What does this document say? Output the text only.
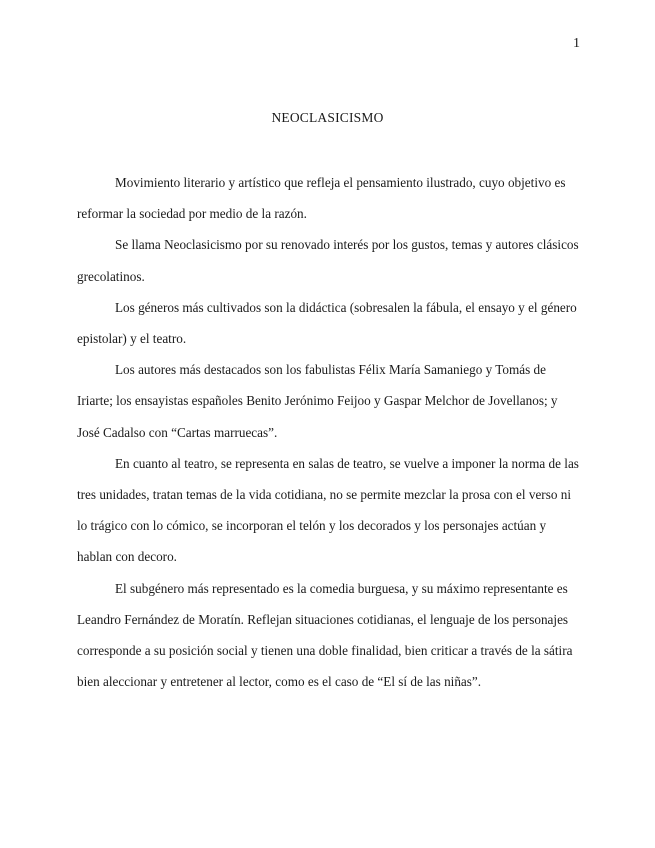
1
NEOCLASICISMO

Movimiento literario y artístico que refleja el pensamiento ilustrado, cuyo objetivo es reformar la sociedad por medio de la razón.

Se llama Neoclasicismo por su renovado interés por los gustos, temas y autores clásicos grecolatinos.

Los géneros más cultivados son la didáctica (sobresalen la fábula, el ensayo y el género epistolar) y el teatro.

Los autores más destacados son los fabulistas Félix María Samaniego y Tomás de Iriarte; los ensayistas españoles Benito Jerónimo Feijoo y Gaspar Melchor de Jovellanos; y José Cadalso con “Cartas marruecas”.

En cuanto al teatro, se representa en salas de teatro, se vuelve a imponer la norma de las tres unidades, tratan temas de la vida cotidiana, no se permite mezclar la prosa con el verso ni lo trágico con lo cómico, se incorporan el telón y los decorados y los personajes actúan y hablan con decoro.

El subgénero más representado es la comedia burguesa, y su máximo representante es Leandro Fernández de Moratín. Reflejan situaciones cotidianas, el lenguaje de los personajes corresponde a su posición social y tienen una doble finalidad, bien criticar a través de la sátira bien aleccionar y entretener al lector, como es el caso de “El sí de las niñas”.
